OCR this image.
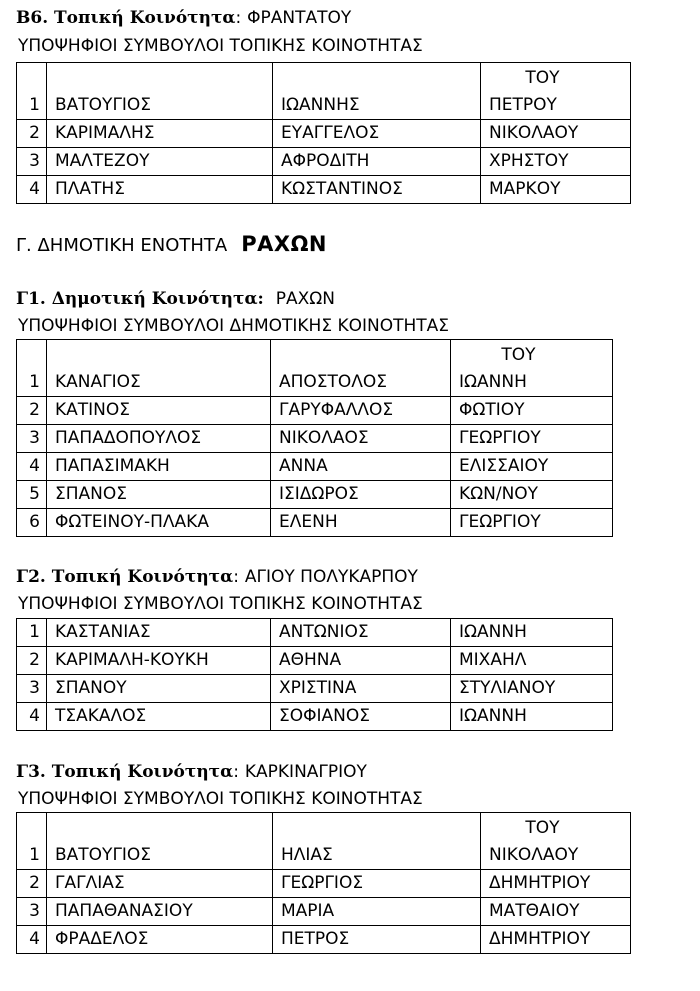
Β6. Τοπική Κοινότητα: ΦΡΑΝΤΑΤΟΥ
ΥΠΟΨΗΦΙΟΙ ΣΥΜΒΟΥΛΟΙ ΤΟΠΙΚΗΣ ΚΟΙΝΟΤΗΤΑΣ
1	ΒΑΤΟΥΓΙΟΣ	ΙΩΑΝΝΗΣ	ΤΟΥ
ΠΕΤΡΟΥ

2	ΚΑΡΙΜΑΛΗΣ	ΕΥΑΓΓΕΛΟΣ	ΝΙΚΟΛΑΟΥ
3	ΜΑΛΤΕΖΟΥ	ΑΦΡΟΔΙΤΗ	ΧΡΗΣΤΟΥ
4	ΠΛΑΤΗΣ	ΚΩΣΤΑΝΤΙΝΟΣ	ΜΑΡΚΟΥ
Γ. ΔΗΜΟΤΙΚΗ ΕΝΟΤΗΤΑ ΡΑΧΩΝ
Γ1. Δημοτική Κοινότητα: ΡΑΧΩΝ
ΥΠΟΨΗΦΙΟΙ ΣΥΜΒΟΥΛΟΙ ΔΗΜΟΤΙΚΗΣ ΚΟΙΝΟΤΗΤΑΣ
1	ΚΑΝΑΓΙΟΣ	ΑΠΟΣΤΟΛΟΣ	ΤΟΥ
ΙΩΑΝΝΗ

2	ΚΑΤΙΝΟΣ	ΓΑΡΥΦΑΛΛΟΣ	ΦΩΤΙΟΥ
3	ΠΑΠΑΔΟΠΟΥΛΟΣ	ΝΙΚΟΛΑΟΣ	ΓΕΩΡΓΙΟΥ
4	ΠΑΠΑΣΙΜΑΚΗ	ΑΝΝΑ	ΕΛΙΣΣΑΙΟΥ
5	ΣΠΑΝΟΣ	ΙΣΙΔΩΡΟΣ	ΚΩΝ/ΝΟΥ
6	ΦΩΤΕΙΝΟΥ-ΠΛΑΚΑ	ΕΛΕΝΗ	ΓΕΩΡΓΙΟΥ
Γ2. Τοπική Κοινότητα: ΑΓΙΟΥ ΠΟΛΥΚΑΡΠΟΥ
ΥΠΟΨΗΦΙΟΙ ΣΥΜΒΟΥΛΟΙ ΤΟΠΙΚΗΣ ΚΟΙΝΟΤΗΤΑΣ
1	ΚΑΣΤΑΝΙΑΣ	ΑΝΤΩΝΙΟΣ	ΙΩΑΝΝΗ
2	ΚΑΡΙΜΑΛΗ-ΚΟΥΚΗ	ΑΘΗΝΑ	ΜΙΧΑΗΛ
3	ΣΠΑΝΟΥ	ΧΡΙΣΤΙΝΑ	ΣΤΥΛΙΑΝΟΥ
4	ΤΣΑΚΑΛΟΣ	ΣΟΦΙΑΝΟΣ	ΙΩΑΝΝΗ
Γ3. Τοπική Κοινότητα: ΚΑΡΚΙΝΑΓΡΙΟΥ
ΥΠΟΨΗΦΙΟΙ ΣΥΜΒΟΥΛΟΙ ΤΟΠΙΚΗΣ ΚΟΙΝΟΤΗΤΑΣ
1	ΒΑΤΟΥΓΙΟΣ	ΗΛΙΑΣ	ΤΟΥ
ΝΙΚΟΛΑΟΥ

2	ΓΑΓΛΙΑΣ	ΓΕΩΡΓΙΟΣ	ΔΗΜΗΤΡΙΟΥ
3	ΠΑΠΑΘΑΝΑΣΙΟΥ	ΜΑΡΙΑ	ΜΑΤΘΑΙΟΥ
4	ΦΡΑΔΕΛΟΣ	ΠΕΤΡΟΣ	ΔΗΜΗΤΡΙΟΥ
